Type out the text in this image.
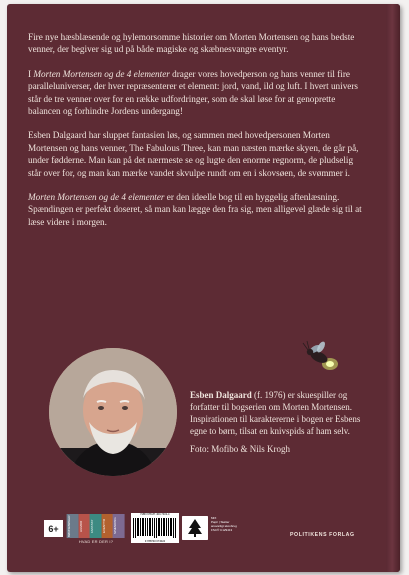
Fire nye hæsblæsende og hylemorsomme historier om Morten Mortensen og hans bedste venner, der begiver sig ud på både magiske og skæbnesvangre eventyr.

I Morten Mortensen og de 4 elementer drager vores hovedperson og hans venner til fire paralleluniverser, der hver repræsenterer et element: jord, vand, ild og luft. I hvert univers står de tre venner over for en række udfordringer, som de skal løse for at genoprette balancen og forhindre Jordens undergang!

Esben Dalgaard har sluppet fantasien løs, og sammen med hovedpersonen Morten Mortensen og hans venner, The Fabulous Three, kan man næsten mærke skyen, de går på, under fødderne. Man kan på det nærmeste se og lugte den enorme regnorm, de pludselig står over for, og man kan mærke vandet skvulpe rundt om en i skovsøen, de svømmer i.

Morten Mortensen og de 4 elementer er den ideelle bog til en hyggelig aftenlæsning. Spændingen er perfekt doseret, så man kan lægge den fra sig, men alligevel glæde sig til at læse videre i morgen.

Esben Dalgaard (f. 1976) er skuespiller og forfatter til bogserien om Morten Mortensen. Inspirationen til karaktererne i bogen er Esbens egne to børn, tilsat en knivspids af ham selv.

Foto: Mofibo & Nils Krogh

6+	BØRNEBØGER	HUMOR	FANTASY	EVENTYR	SPÆNDING
HVAD ER DER I?
ISBN 978-87-400-7402-4
9 788740 074024
MIX
Papir | Støtter ansvarligt skovbrug
FSC® C129413
POLITIKENS FORLAG
